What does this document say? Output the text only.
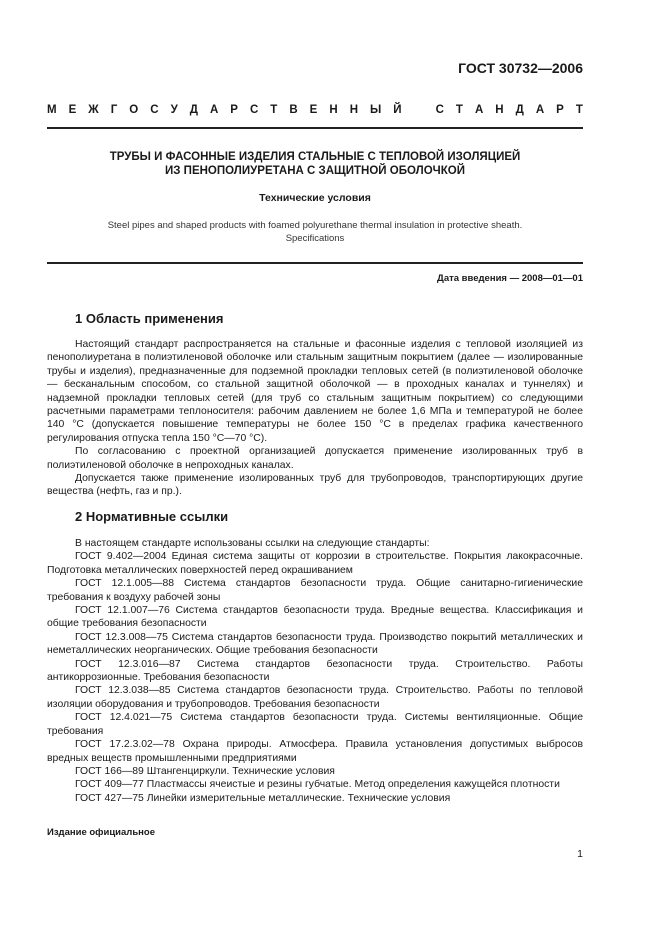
ГОСТ 30732—2006
М Е Ж Г О С У Д А Р С Т В Е Н Н Ы Й	С Т А Н Д А Р Т
ТРУБЫ И ФАСОННЫЕ ИЗДЕЛИЯ СТАЛЬНЫЕ С ТЕПЛОВОЙ ИЗОЛЯЦИЕЙ
ИЗ ПЕНОПОЛИУРЕТАНА С ЗАЩИТНОЙ ОБОЛОЧКОЙ
Технические условия
Steel pipes and shaped products with foamed polyurethane thermal insulation in protective sheath.
Specifications
Дата введения — 2008—01—01
1 Область применения

Настоящий стандарт распространяется на стальные и фасонные изделия с тепловой изоляцией из пенополиуретана в полиэтиленовой оболочке или стальным защитным покрытием (далее — изолированные трубы и изделия), предназначенные для подземной прокладки тепловых сетей (в полиэтиленовой оболочке — бесканальным способом, со стальной защитной оболочкой — в проходных каналах и туннелях) и надземной прокладки тепловых сетей (для труб со стальным защитным покрытием) со следующими расчетными параметрами теплоносителя: рабочим давлением не более 1,6 МПа и температурой не более 140 °С (допускается повышение температуры не более 150 °С в пределах графика качественного регулирования отпуска тепла 150 °С—70 °С).

По согласованию с проектной организацией допускается применение изолированных труб в полиэтиленовой оболочке в непроходных каналах.

Допускается также применение изолированных труб для трубопроводов, транспортирующих другие вещества (нефть, газ и пр.).

2 Нормативные ссылки

В настоящем стандарте использованы ссылки на следующие стандарты:

ГОСТ 9.402—2004 Единая система защиты от коррозии в строительстве. Покрытия лакокрасочные. Подготовка металлических поверхностей перед окрашиванием

ГОСТ 12.1.005—88 Система стандартов безопасности труда. Общие санитарно-гигиенические требования к воздуху рабочей зоны

ГОСТ 12.1.007—76 Система стандартов безопасности труда. Вредные вещества. Классификация и общие требования безопасности

ГОСТ 12.3.008—75 Система стандартов безопасности труда. Производство покрытий металлических и неметаллических неорганических. Общие требования безопасности

ГОСТ 12.3.016—87 Система стандартов безопасности труда. Строительство. Работы антикоррозионные. Требования безопасности

ГОСТ 12.3.038—85 Система стандартов безопасности труда. Строительство. Работы по тепловой изоляции оборудования и трубопроводов. Требования безопасности

ГОСТ 12.4.021—75 Система стандартов безопасности труда. Системы вентиляционные. Общие требования

ГОСТ 17.2.3.02—78 Охрана природы. Атмосфера. Правила установления допустимых выбросов вредных веществ промышленными предприятиями

ГОСТ 166—89 Штангенциркули. Технические условия

ГОСТ 409—77 Пластмассы ячеистые и резины губчатые. Метод определения кажущейся плотности

ГОСТ 427—75 Линейки измерительные металлические. Технические условия

Издание официальное
1
